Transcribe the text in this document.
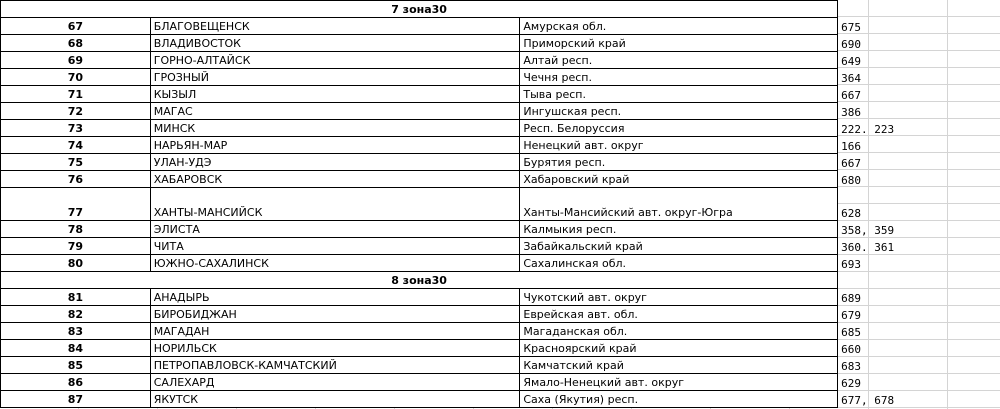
7 зона30				
67	БЛАГОВЕЩЕНСК	Амурская обл.	675	
68	ВЛАДИВОСТОК	Приморский край	690	
69	ГОРНО-АЛТАЙСК	Алтай респ.	649	
70	ГРОЗНЫЙ	Чечня респ.	364	
71	КЫЗЫЛ	Тыва респ.	667	
72	МАГАС	Ингушская респ.	386	
73	МИНСК	Респ. Белоруссия	222. 223	
74	НАРЬЯН-МАР	Ненецкий авт. округ	166	
75	УЛАН-УДЭ	Бурятия респ.	667	
76	ХАБАРОВСК	Хабаровский край	680	
77	ХАНТЫ-МАНСИЙСК	Ханты-Мансийский авт. округ-Югра	628	
78	ЭЛИСТА	Калмыкия респ.	358, 359	
79	ЧИТА	Забайкальский край	360. 361	
80	ЮЖНО-САХАЛИНСК	Сахалинская обл.	693	
8 зона30				
81	АНАДЫРЬ	Чукотский авт. округ	689	
82	БИРОБИДЖАН	Еврейская авт. обл.	679	
83	МАГАДАН	Магаданская обл.	685	
84	НОРИЛЬСК	Красноярский край	660	
85	ПЕТРОПАВЛОВСК-КАМЧАТСКИЙ	Камчатский край	683	
86	САЛЕХАРД	Ямало-Ненецкий авт. округ	629	
87	ЯКУТСК	Саха (Якутия) респ.	677, 678	
